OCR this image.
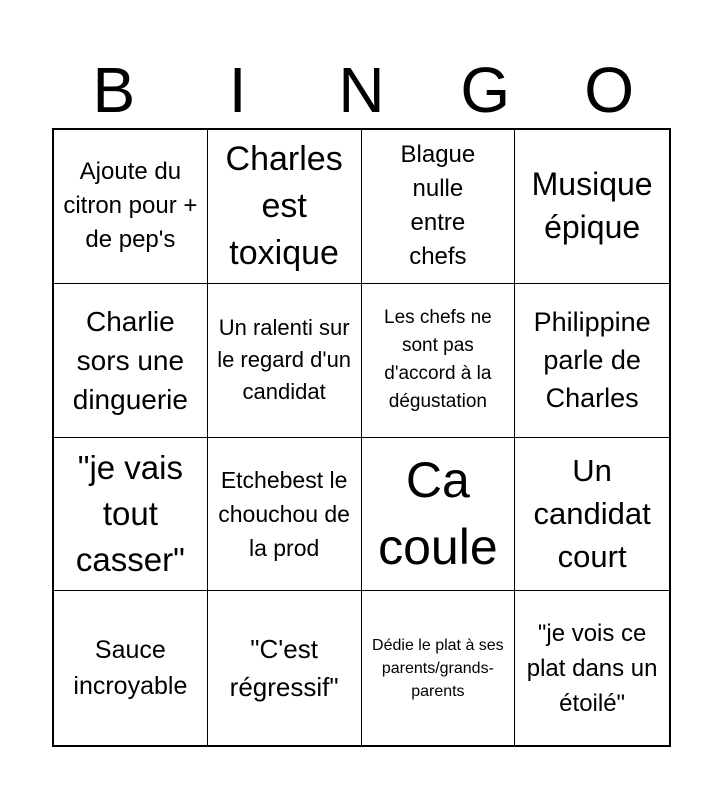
B	I	N	G	O
Ajoute du citron pour + de pep's
Charles est toxique
Blague nulle entre chefs
Musique épique
Charlie sors une dinguerie
Un ralenti sur le regard d'un candidat
Les chefs ne sont pas d'accord à la dégustation
Philippine parle de Charles
"je vais tout casser"
Etchebest le chouchou de la prod
Ca coule
Un candidat court
Sauce incroyable
"C'est régressif"
Dédie le plat à ses parents/grands-parents
"je vois ce plat dans un étoilé"
